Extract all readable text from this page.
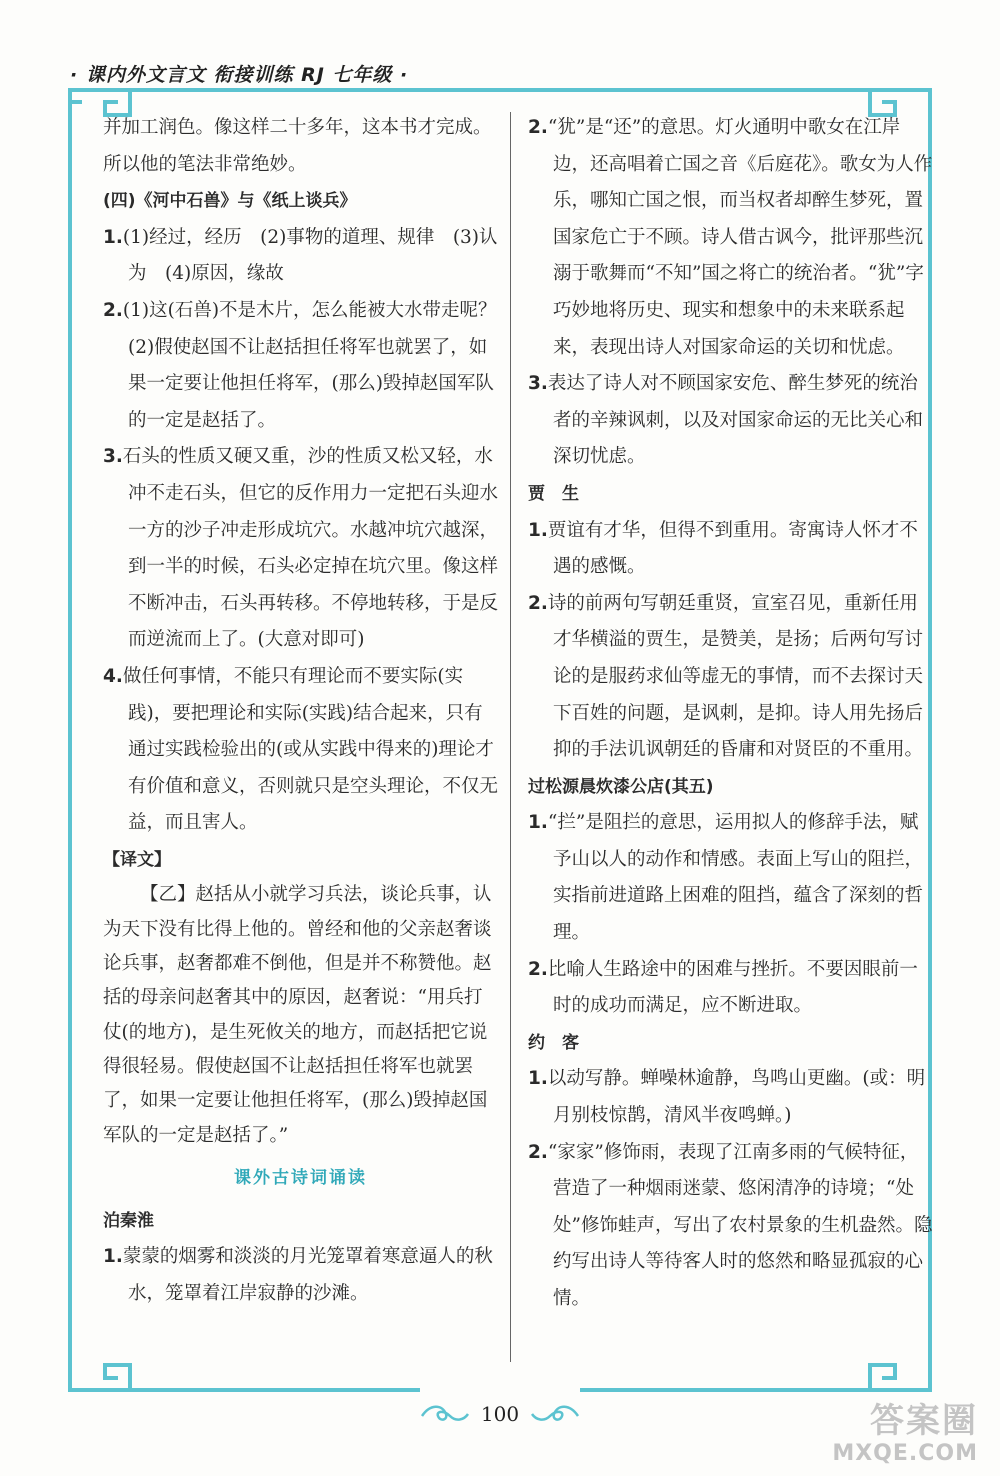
· 课内外文言文 衔接训练 RJ 七年级 ·

并加工润色。像这样二十多年，这本书才完成。

所以他的笔法非常绝妙。

(四)《河中石兽》与《纸上谈兵》

1.(1)经过，经历　(2)事物的道理、规律　(3)认为　(4)原因，缘故

2.(1)这(石兽)不是木片，怎么能被大水带走呢？

(2)假使赵国不让赵括担任将军也就罢了，如果一定要让他担任将军，(那么)毁掉赵国军队的一定是赵括了。

3.石头的性质又硬又重，沙的性质又松又轻，水冲不走石头，但它的反作用力一定把石头迎水一方的沙子冲走形成坑穴。水越冲坑穴越深，到一半的时候，石头必定掉在坑穴里。像这样不断冲击，石头再转移。不停地转移，于是反而逆流而上了。(大意对即可)

4.做任何事情，不能只有理论而不要实际(实践)，要把理论和实际(实践)结合起来，只有通过实践检验出的(或从实践中得来的)理论才有价值和意义，否则就只是空头理论，不仅无益，而且害人。

【译文】

【乙】赵括从小就学习兵法，谈论兵事，认为天下没有比得上他的。曾经和他的父亲赵奢谈论兵事，赵奢都难不倒他，但是并不称赞他。赵括的母亲问赵奢其中的原因，赵奢说：“用兵打仗(的地方)，是生死攸关的地方，而赵括把它说得很轻易。假使赵国不让赵括担任将军也就罢了，如果一定要让他担任将军，(那么)毁掉赵国军队的一定是赵括了。”

课外古诗词诵读

泊秦淮

1.蒙蒙的烟雾和淡淡的月光笼罩着寒意逼人的秋水，笼罩着江岸寂静的沙滩。

2.“犹”是“还”的意思。灯火通明中歌女在江岸边，还高唱着亡国之音《后庭花》。歌女为人作乐，哪知亡国之恨，而当权者却醉生梦死，置国家危亡于不顾。诗人借古讽今，批评那些沉溺于歌舞而“不知”国之将亡的统治者。“犹”字巧妙地将历史、现实和想象中的未来联系起来，表现出诗人对国家命运的关切和忧虑。

3.表达了诗人对不顾国家安危、醉生梦死的统治者的辛辣讽刺，以及对国家命运的无比关心和深切忧虑。

贾　生

1.贾谊有才华，但得不到重用。寄寓诗人怀才不遇的感慨。

2.诗的前两句写朝廷重贤，宣室召见，重新任用才华横溢的贾生，是赞美，是扬；后两句写讨论的是服药求仙等虚无的事情，而不去探讨天下百姓的问题，是讽刺，是抑。诗人用先扬后抑的手法讥讽朝廷的昏庸和对贤臣的不重用。

过松源晨炊漆公店(其五)

1.“拦”是阻拦的意思，运用拟人的修辞手法，赋予山以人的动作和情感。表面上写山的阻拦，实指前进道路上困难的阻挡，蕴含了深刻的哲理。

2.比喻人生路途中的困难与挫折。不要因眼前一时的成功而满足，应不断进取。

约　客

1.以动写静。蝉噪林逾静，鸟鸣山更幽。(或：明月别枝惊鹊，清风半夜鸣蝉。)

2.“家家”修饰雨，表现了江南多雨的气候特征，营造了一种烟雨迷蒙、悠闲清净的诗境；“处处”修饰蛙声，写出了农村景象的生机盎然。隐约写出诗人等待客人时的悠然和略显孤寂的心情。

100	答案圈
MXQE.COM
